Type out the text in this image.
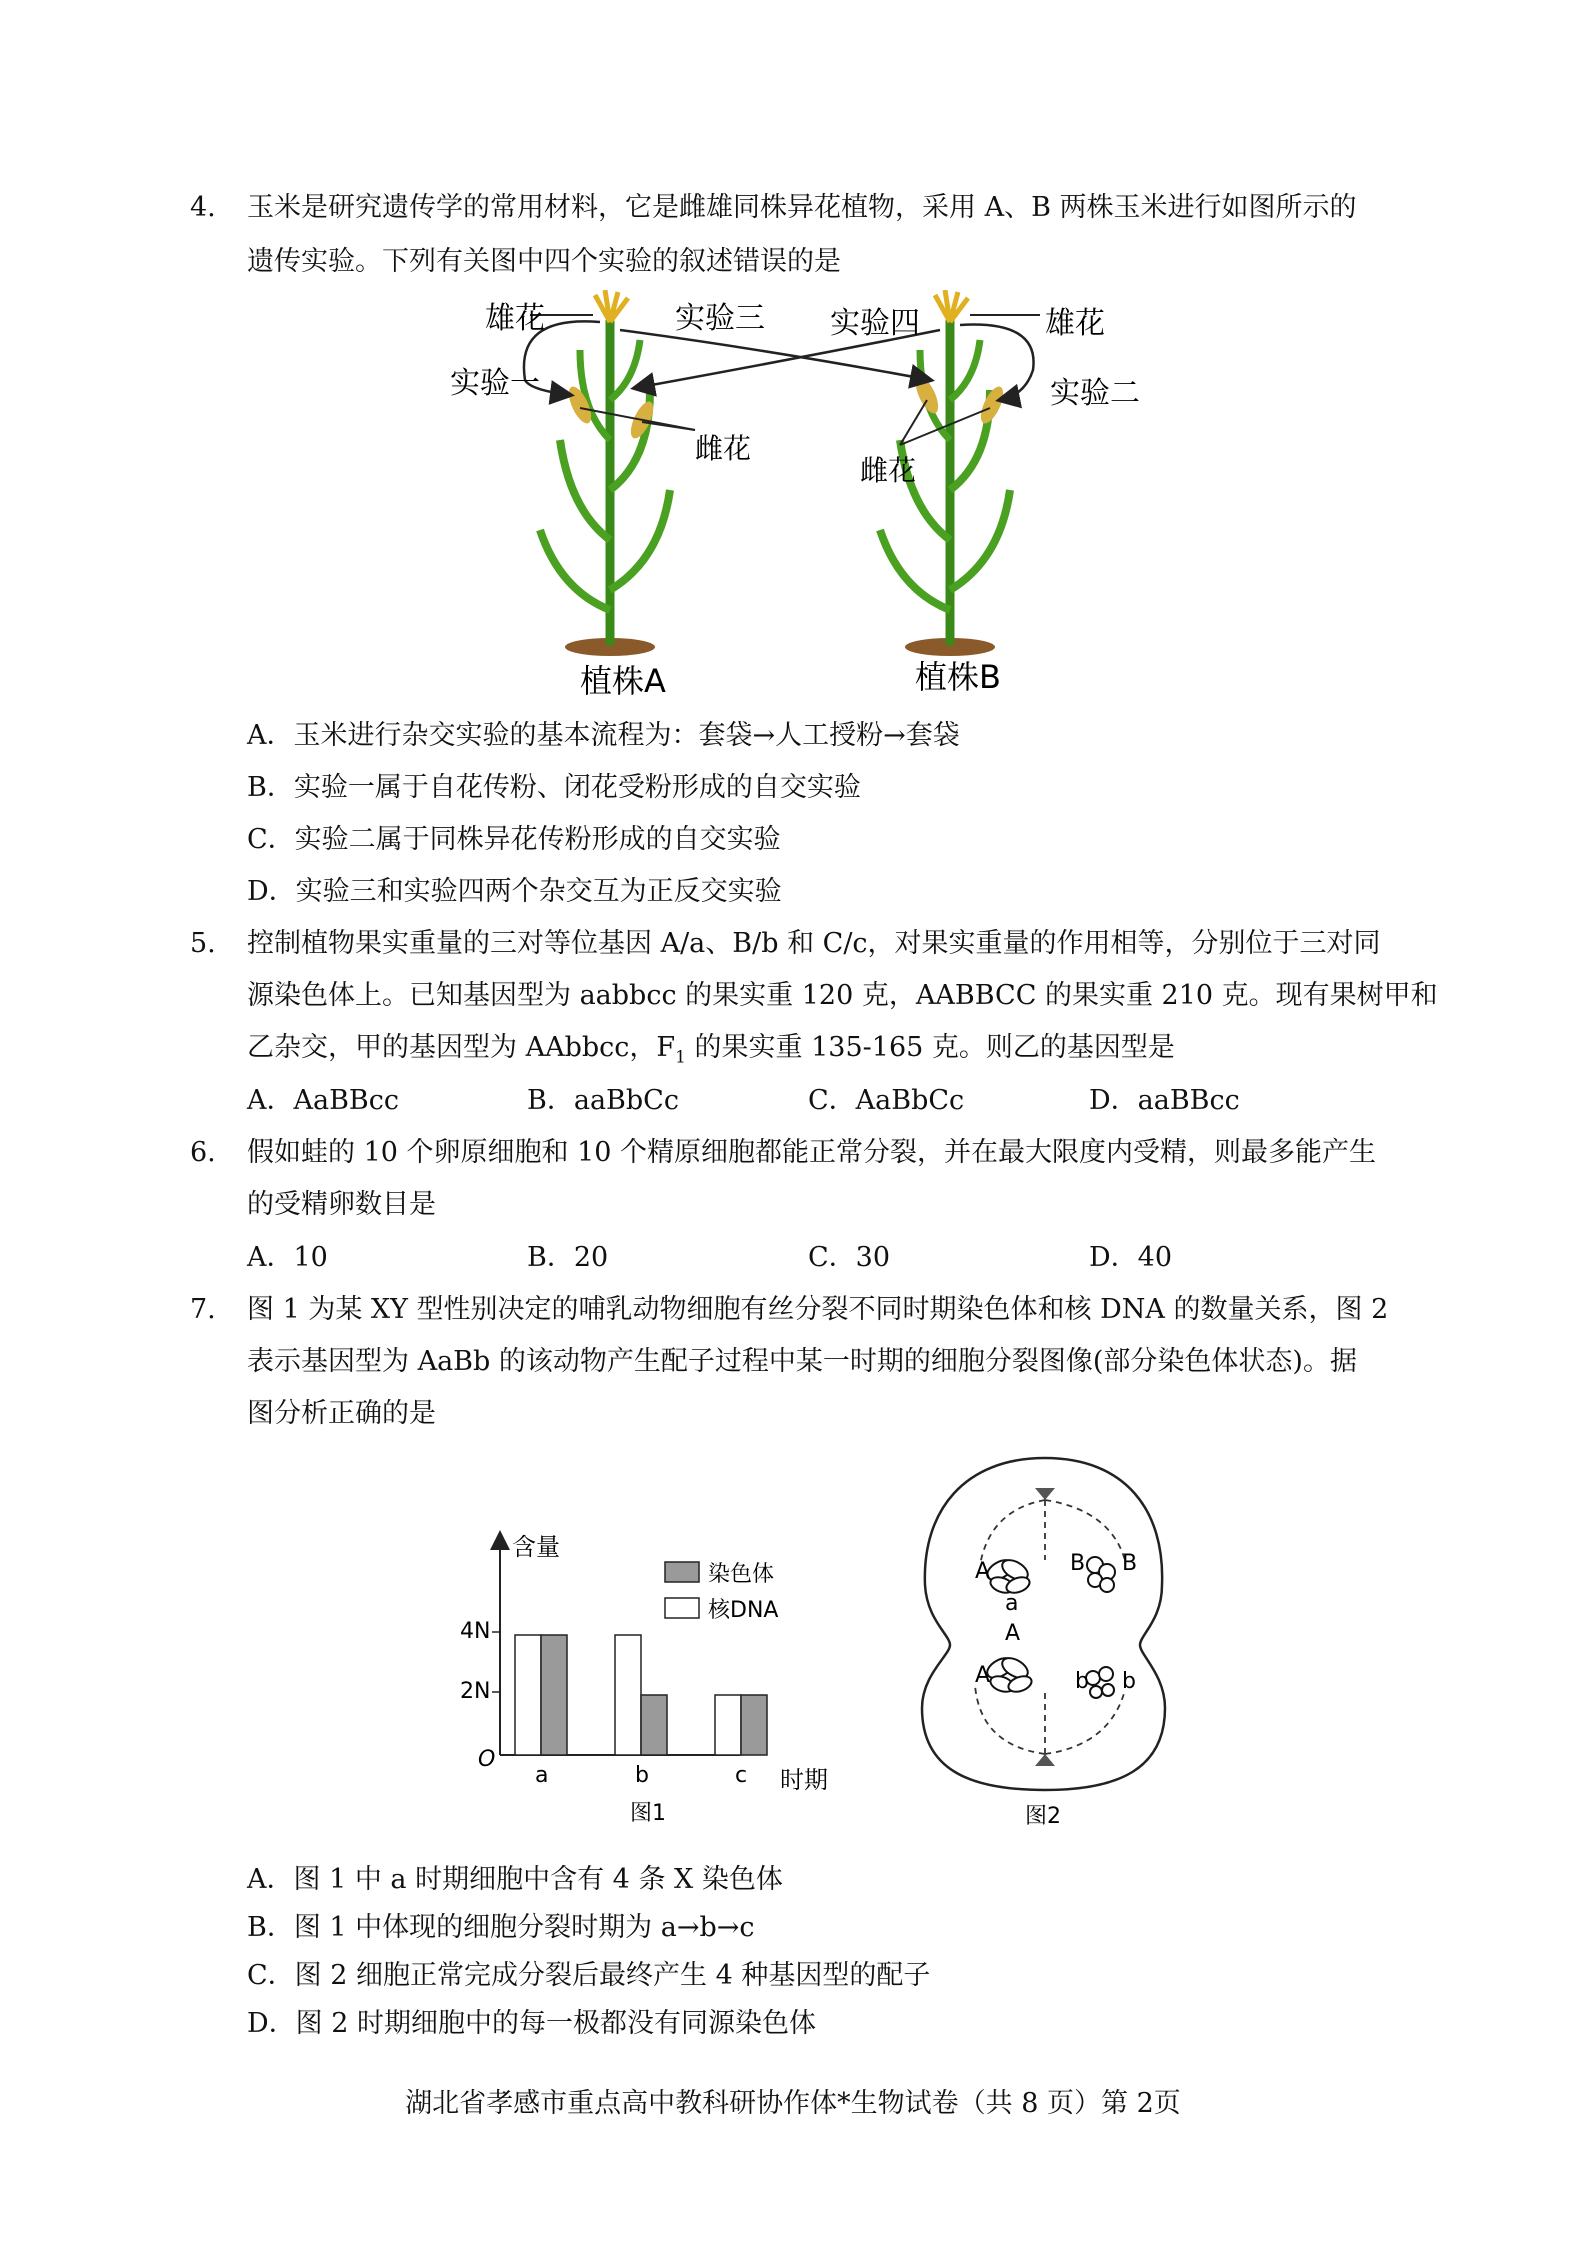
4. 玉米是研究遗传学的常用材料，它是雌雄同株异花植物，采用 A、B 两株玉米进行如图所示的
遗传实验。下列有关图中四个实验的叙述错误的是
雄花	实验三 实验四	雄花
实验一	实验二
雌花
雌花
植株A	植株B
A．玉米进行杂交实验的基本流程为：套袋→人工授粉→套袋
B．实验一属于自花传粉、闭花受粉形成的自交实验
C．实验二属于同株异花传粉形成的自交实验
D．实验三和实验四两个杂交互为正反交实验
5. 控制植物果实重量的三对等位基因 A/a、B/b 和 C/c，对果实重量的作用相等，分别位于三对同
源染色体上。已知基因型为 aabbcc 的果实重 120 克，AABBCC 的果实重 210 克。现有果树甲和
乙杂交，甲的基因型为 AAbbcc，$F_1$ 的果实重 135-165 克。则乙的基因型是
A．AaBBcc	B．aaBbCc	C．AaBbCc	D．aaBBcc
6. 假如蛙的 10 个卵原细胞和 10 个精原细胞都能正常分裂，并在最大限度内受精，则最多能产生
的受精卵数目是
A．10	B．20	C．30	D．40
7. 图 1 为某 XY 型性别决定的哺乳动物细胞有丝分裂不同时期染色体和核 DNA 的数量关系，图 2
表示基因型为 AaBb 的该动物产生配子过程中某一时期的细胞分裂图像(部分染色体状态)。据
图分析正确的是
含量
时期
O
4N
2N
a	b	c
染色体
核DNA
图1
A	B B
a
A
A	b b
图2
A．图 1 中 a 时期细胞中含有 4 条 X 染色体
B．图 1 中体现的细胞分裂时期为 a→b→c
C．图 2 细胞正常完成分裂后最终产生 4 种基因型的配子
D．图 2 时期细胞中的每一极都没有同源染色体
湖北省孝感市重点高中教科研协作体*生物试卷（共 8 页）第 2页
